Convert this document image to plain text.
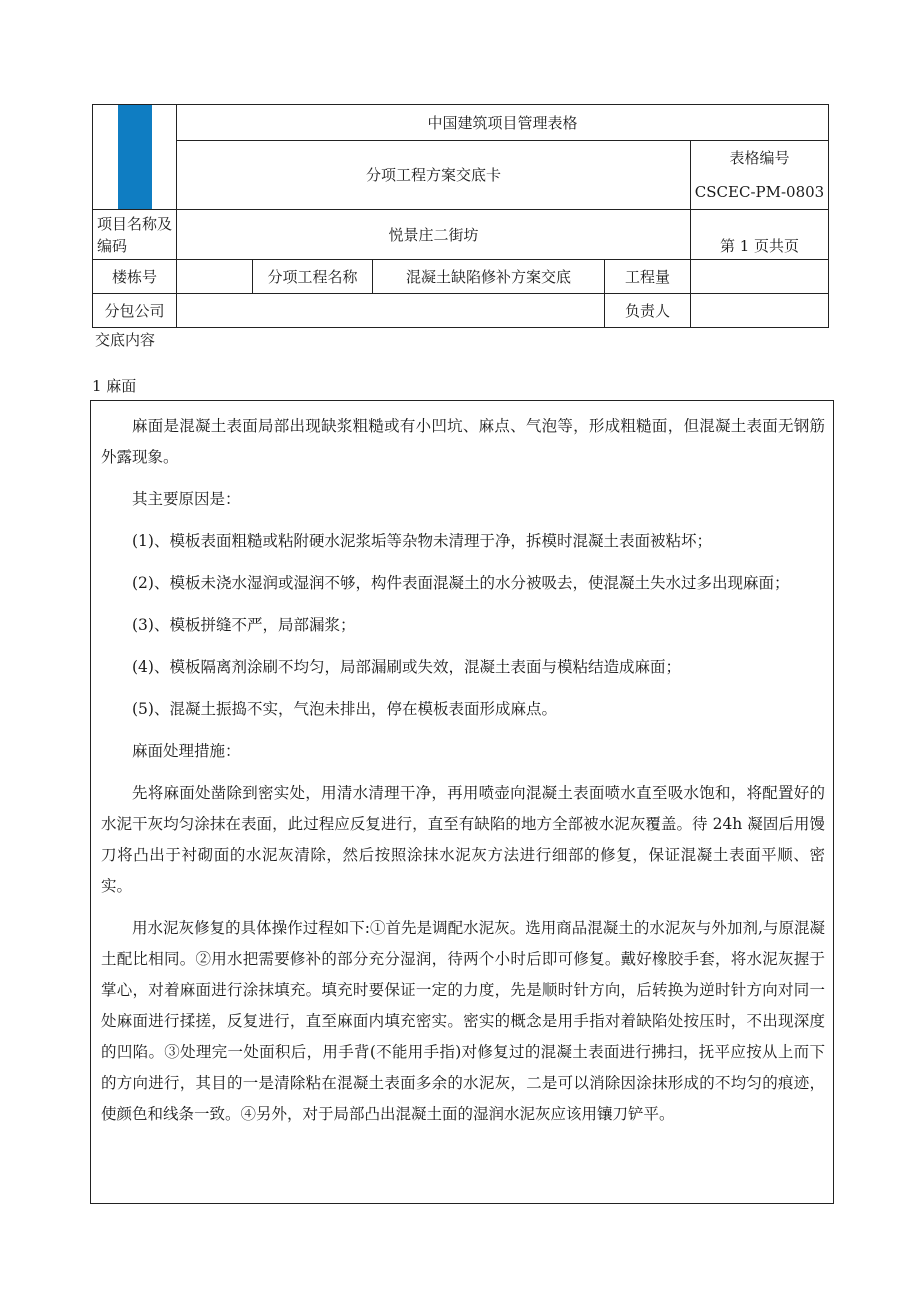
	中国建筑项目管理表格				
	分项工程方案交底卡				表格编号
CSCEC-PM-0803

项目名称及编码	悦景庄二街坊				第 1 页共页
楼栋号		分项工程名称	混凝土缺陷修补方案交底	工程量	
分包公司				负责人	
交底内容
1 麻面

麻面是混凝土表面局部出现缺浆粗糙或有小凹坑、麻点、气泡等，形成粗糙面，但混凝土表面无钢筋外露现象。

其主要原因是：

(1)、模板表面粗糙或粘附硬水泥浆垢等杂物未清理于净，拆模时混凝土表面被粘坏；

(2)、模板未浇水湿润或湿润不够，构件表面混凝土的水分被吸去，使混凝土失水过多出现麻面；

(3)、模板拼缝不严，局部漏浆；

(4)、模板隔离剂涂刷不均匀，局部漏刷或失效，混凝土表面与模粘结造成麻面；

(5)、混凝土振捣不实，气泡未排出，停在模板表面形成麻点。

麻面处理措施：

先将麻面处凿除到密实处，用清水清理干净，再用喷壶向混凝土表面喷水直至吸水饱和，将配置好的水泥干灰均匀涂抹在表面，此过程应反复进行，直至有缺陷的地方全部被水泥灰覆盖。待 24h 凝固后用馒刀将凸出于衬砌面的水泥灰清除，然后按照涂抹水泥灰方法进行细部的修复，保证混凝土表面平顺、密实。

用水泥灰修复的具体操作过程如下:①首先是调配水泥灰。选用商品混凝土的水泥灰与外加剂,与原混凝土配比相同。②用水把需要修补的部分充分湿润，待两个小时后即可修复。戴好橡胶手套，将水泥灰握于掌心，对着麻面进行涂抹填充。填充时要保证一定的力度，先是顺时针方向，后转换为逆时针方向对同一处麻面进行揉搓，反复进行，直至麻面内填充密实。密实的概念是用手指对着缺陷处按压时，不出现深度的凹陷。③处理完一处面积后，用手背(不能用手指)对修复过的混凝土表面进行拂扫，抚平应按从上而下的方向进行，其目的一是清除粘在混凝土表面多余的水泥灰，二是可以消除因涂抹形成的不均匀的痕迹，使颜色和线条一致。④另外，对于局部凸出混凝土面的湿润水泥灰应该用镶刀铲平。
